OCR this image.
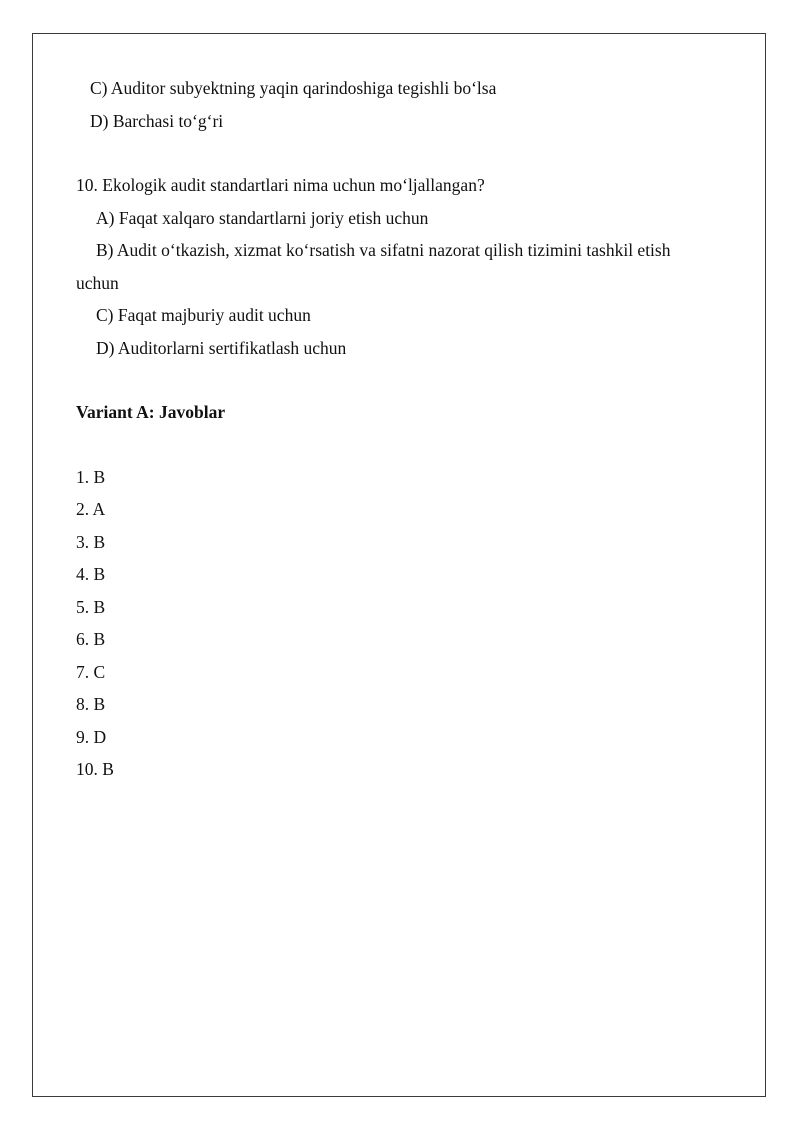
C) Auditor subyektning yaqin qarindoshiga tegishli bo‘lsa
D) Barchasi to‘g‘ri
10. Ekologik audit standartlari nima uchun mo‘ljallangan?
A) Faqat xalqaro standartlarni joriy etish uchun
B) Audit o‘tkazish, xizmat ko‘rsatish va sifatni nazorat qilish tizimini tashkil etish
uchun
C) Faqat majburiy audit uchun
D) Auditorlarni sertifikatlash uchun
Variant A: Javoblar
1. B
2. A
3. B
4. B
5. B
6. B
7. C
8. B
9. D
10. B
